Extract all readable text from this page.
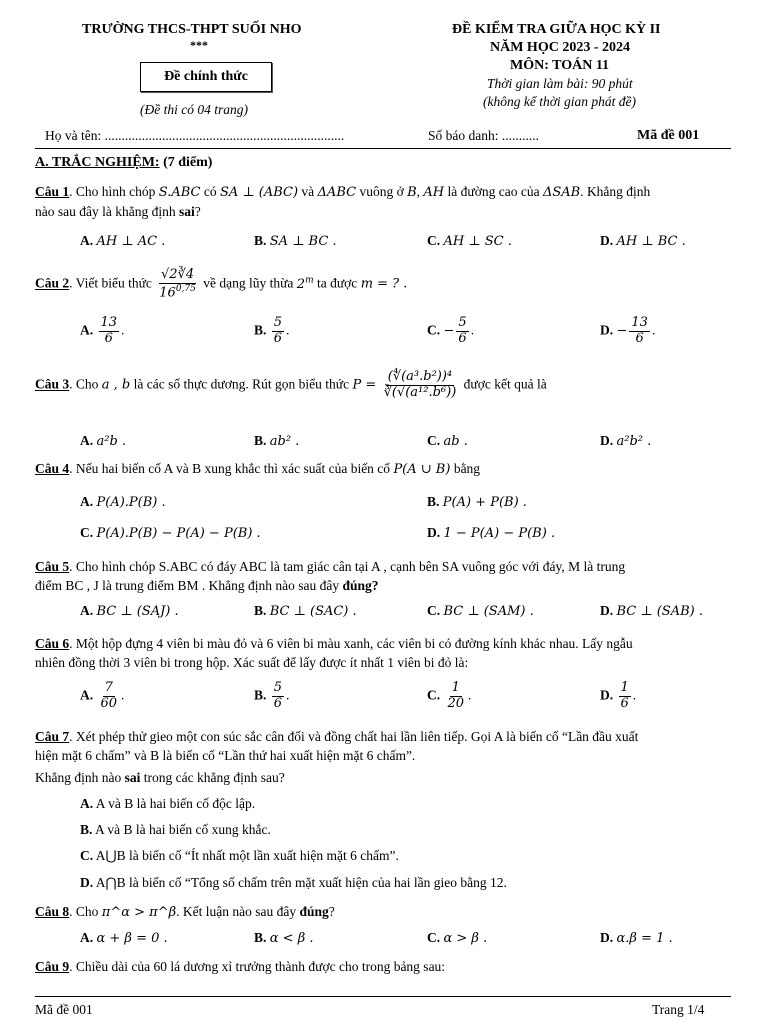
TRƯỜNG THCS-THPT SUỐI NHO
***
Đề chính thức
(Đề thi có 04 trang)
ĐỀ KIỂM TRA GIỮA HỌC KỲ II
NĂM HỌC 2023 - 2024
MÔN: TOÁN 11
Thời gian làm bài: 90 phút
(không kể thời gian phát đề)
Họ và tên: .......................................................................	Số báo danh: ...........	Mã đề 001
A. TRẮC NGHIỆM: (7 điểm)
Câu 1. Cho hình chóp S.ABC có SA ⊥ (ABC) và ΔABC vuông ở B, AH là đường cao của ΔSAB. Khẳng định
nào sau đây là khẳng định sai?
A. AH ⊥ AC .	B. SA ⊥ BC .	C. AH ⊥ SC .	D. AH ⊥ BC .
Câu 2. Viết biểu thức $\frac{√2∛4}{16^{0,75}}$ về dạng lũy thừa 2$^m$ ta được m = ? .
A. $\frac{13}{6}$ .	B. $\frac{5}{6}$ .	C. − $\frac{5}{6}$ .	D. − $\frac{13}{6}$ .
Câu 3. Cho a , b là các số thực dương. Rút gọn biểu thức $P = \frac{\text{(∜(a³.b²))⁴}}{\text{∛(√(a¹².b⁶))}}$ được kết quả là
A. a²b .	B. ab² .	C. ab .	D. a²b² .
Câu 4. Nếu hai biến cố A và B xung khắc thì xác suất của biến cố P(A ∪ B) bằng
A. P(A).P(B) .	B. P(A) + P(B) .
C. P(A).P(B) − P(A) − P(B) .	D. 1 − P(A) − P(B) .
Câu 5. Cho hình chóp S.ABC có đáy ABC là tam giác cân tại A , cạnh bên SA vuông góc với đáy, M là trung
điểm BC , J là trung điểm BM . Khẳng định nào sau đây đúng?
A. BC ⊥ (SAJ) .	B. BC ⊥ (SAC) .	C. BC ⊥ (SAM) .	D. BC ⊥ (SAB) .
Câu 6. Một hộp đựng 4 viên bi màu đỏ và 6 viên bi màu xanh, các viên bi có đường kính khác nhau. Lấy ngẫu
nhiên đồng thời 3 viên bi trong hộp. Xác suất để lấy được ít nhất 1 viên bi đỏ là:
A. $\frac{7}{60}$ .	B. $\frac{5}{6}$ .	C. $\frac{1}{20}$ .	D. $\frac{1}{6}$ .
Câu 7. Xét phép thử gieo một con súc sắc cân đối và đồng chất hai lần liên tiếp. Gọi A là biến cố “Lần đầu xuất
hiện mặt 6 chấm” và B là biến cố “Lần thứ hai xuất hiện mặt 6 chấm”.
Khẳng định nào sai trong các khẳng định sau?
A. A và B là hai biến cố độc lập.
B. A và B là hai biến cố xung khắc.
C. A⋃B là biến cố “Ít nhất một lần xuất hiện mặt 6 chấm”.
D. A⋂B là biến cố “Tổng số chấm trên mặt xuất hiện của hai lần gieo bằng 12.
Câu 8. Cho π^α > π^β. Kết luận nào sau đây đúng?
A. α + β = 0 .	B. α < β .	C. α > β .	D. α.β = 1 .
Câu 9. Chiều dài của 60 lá dương xỉ trưởng thành được cho trong bảng sau:
Mã đề 001	Trang 1/4
